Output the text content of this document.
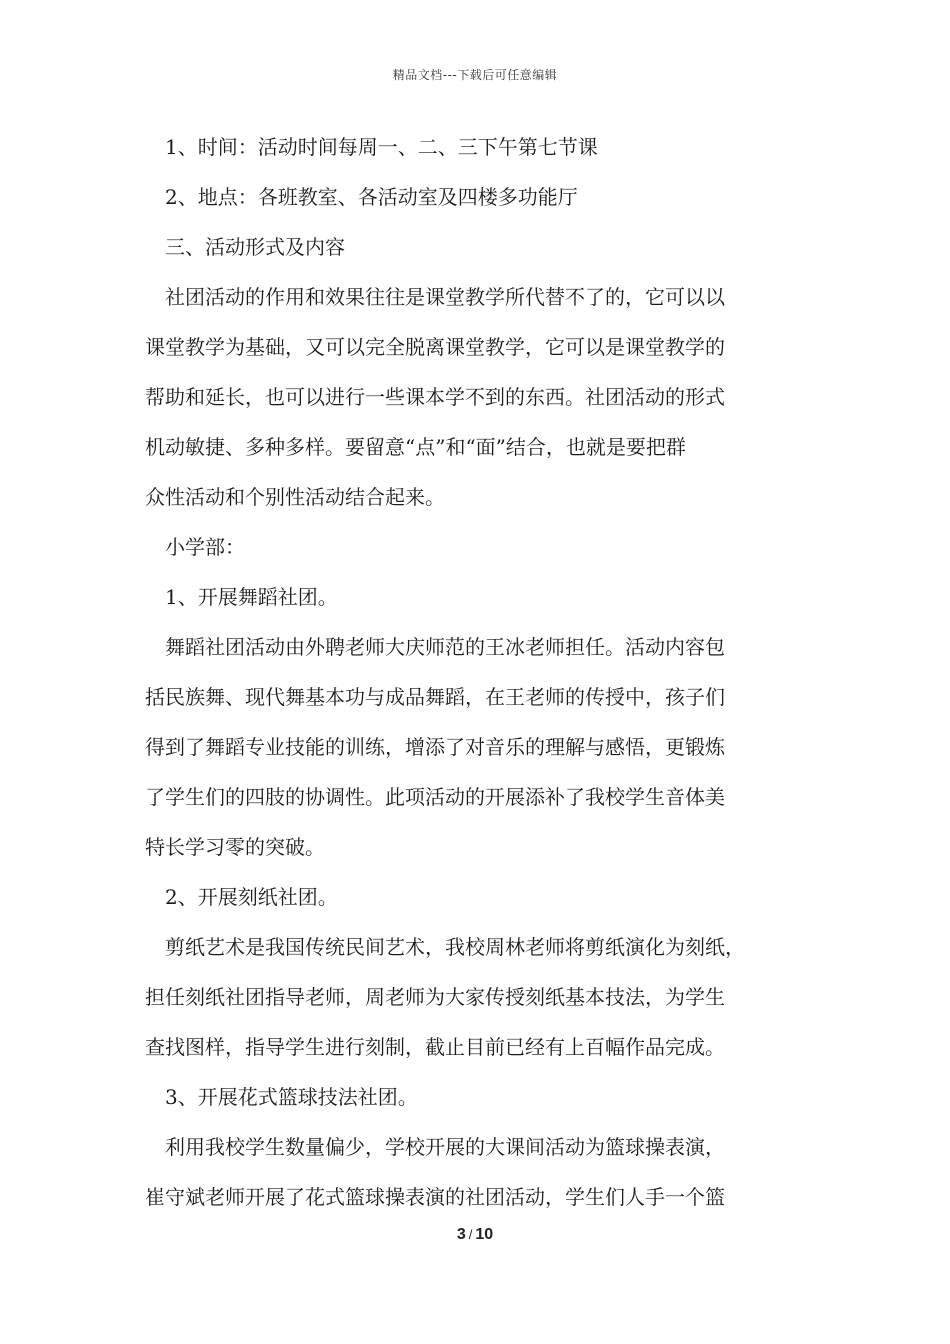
精品文档---下载后可任意编辑
1、时间：活动时间每周一、二、三下午第七节课
2、地点：各班教室、各活动室及四楼多功能厅
三、活动形式及内容
社团活动的作用和效果往往是课堂教学所代替不了的，它可以以
课堂教学为基础，又可以完全脱离课堂教学，它可以是课堂教学的
帮助和延长，也可以进行一些课本学不到的东西。社团活动的形式
机动敏捷、多种多样。要留意“点”和“面”结合，也就是要把群
众性活动和个别性活动结合起来。
小学部：
1、开展舞蹈社团。
舞蹈社团活动由外聘老师大庆师范的王冰老师担任。活动内容包
括民族舞、现代舞基本功与成品舞蹈，在王老师的传授中，孩子们
得到了舞蹈专业技能的训练，增添了对音乐的理解与感悟，更锻炼
了学生们的四肢的协调性。此项活动的开展添补了我校学生音体美
特长学习零的突破。
2、开展刻纸社团。
剪纸艺术是我国传统民间艺术，我校周林老师将剪纸演化为刻纸，
担任刻纸社团指导老师，周老师为大家传授刻纸基本技法，为学生
查找图样，指导学生进行刻制，截止目前已经有上百幅作品完成。
3、开展花式篮球技法社团。
利用我校学生数量偏少，学校开展的大课间活动为篮球操表演，
崔守斌老师开展了花式篮球操表演的社团活动，学生们人手一个篮
3 / 10
